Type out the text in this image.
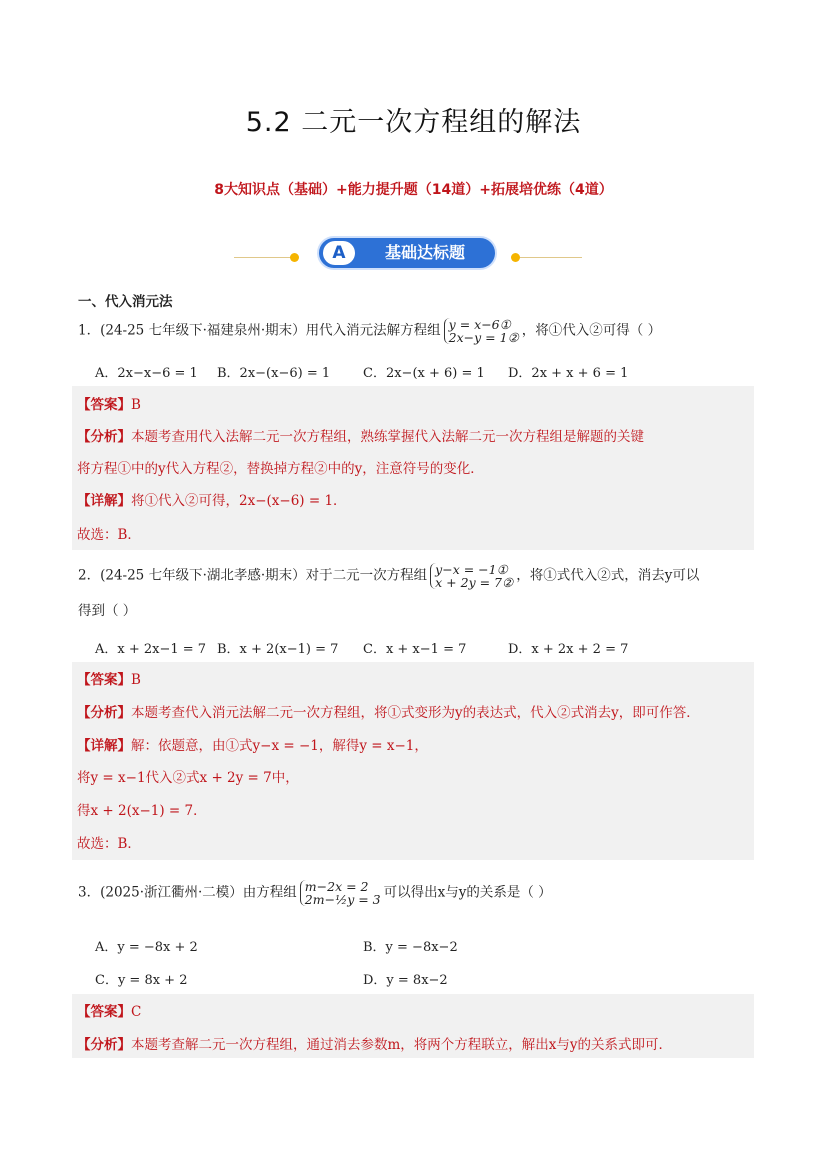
5.2 二元一次方程组的解法
8大知识点（基础）+能力提升题（14道）+拓展培优练（4道）
A	基础达标题
一、代入消元法
1．(24-25 七年级下·福建泉州·期末）用代入消元法解方程组 y = x−6①
2x−y = 1② ，将①代入②可得（ ）
A．2x−x−6 = 1 B．2x−(x−6) = 1	C．2x−(x + 6) = 1 D．2x + x + 6 = 1
【答案】B
【分析】本题考查用代入法解二元一次方程组，熟练掌握代入法解二元一次方程组是解题的关键
将方程①中的y代入方程②，替换掉方程②中的y，注意符号的变化．
【详解】将①代入②可得，2x−(x−6) = 1．
故选：B．
2．(24-25 七年级下·湖北孝感·期末）对于二元一次方程组 y−x = −1①
x + 2y = 7② ，将①式代入②式，消去y可以
得到（ ）
A．x + 2x−1 = 7 B．x + 2(x−1) = 7 C．x + x−1 = 7	D．x + 2x + 2 = 7
【答案】B
【分析】本题考查代入消元法解二元一次方程组，将①式变形为y的表达式，代入②式消去y，即可作答．
【详解】解：依题意，由①式y−x = −1，解得y = x−1，
将y = x−1代入②式x + 2y = 7中，
得x + 2(x−1) = 7．
故选：B．
3．(2025·浙江衢州·二模）由方程组 m−2x = 2
2m−½y = 3 可以得出x与y的关系是（ ）
A．y = −8x + 2	B．y = −8x−2
C．y = 8x + 2	D．y = 8x−2
【答案】C
【分析】本题考查解二元一次方程组，通过消去参数m，将两个方程联立，解出x与y的关系式即可．
